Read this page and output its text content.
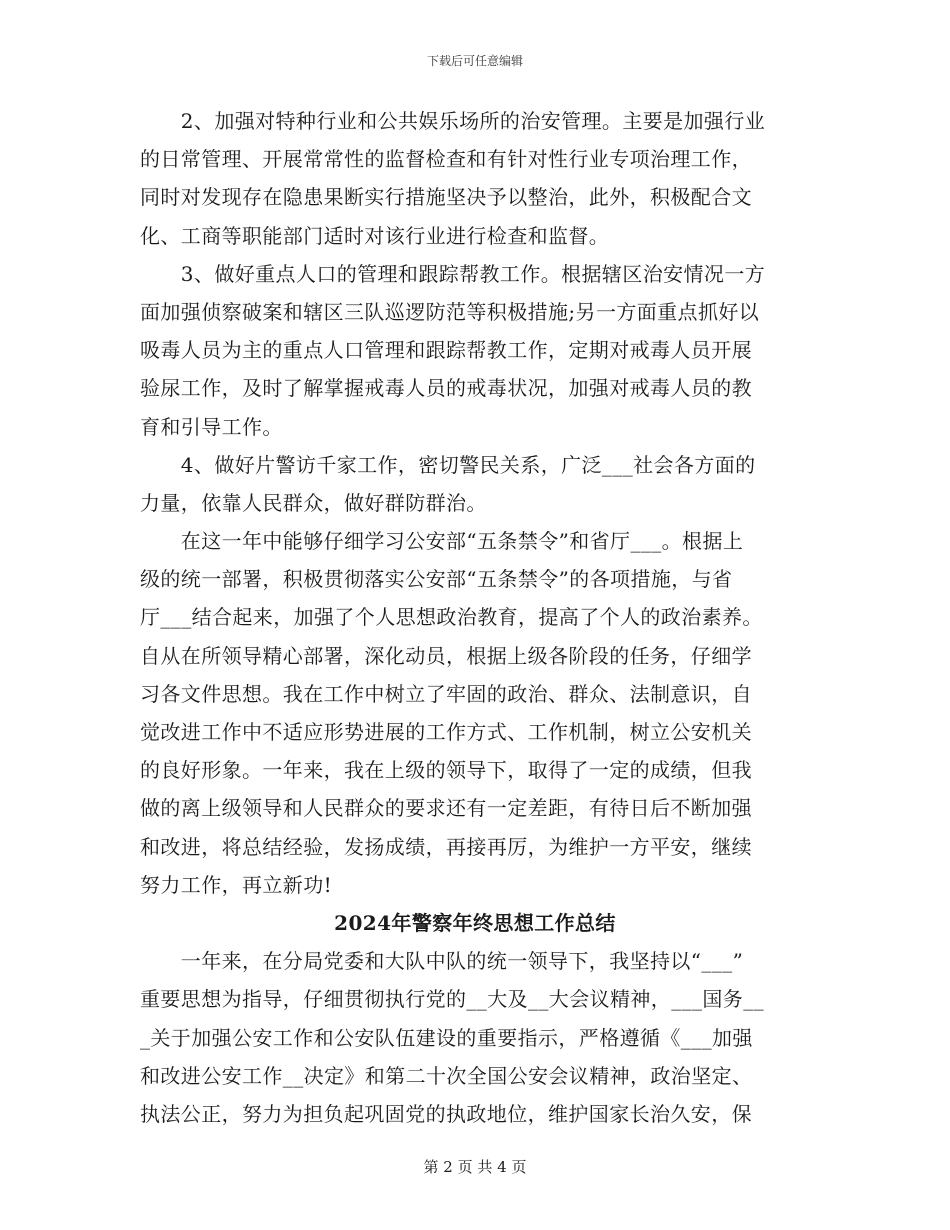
下载后可任意编辑
　　2、加强对特种行业和公共娱乐场所的治安管理。主要是加强行业
的日常管理、开展常常性的监督检查和有针对性行业专项治理工作，
同时对发现存在隐患果断实行措施坚决予以整治，此外，积极配合文
化、工商等职能部门适时对该行业进行检查和监督。
　　3、做好重点人口的管理和跟踪帮教工作。根据辖区治安情况一方
面加强侦察破案和辖区三队巡逻防范等积极措施;另一方面重点抓好以
吸毒人员为主的重点人口管理和跟踪帮教工作，定期对戒毒人员开展
验尿工作，及时了解掌握戒毒人员的戒毒状况，加强对戒毒人员的教
育和引导工作。
　　4、做好片警访千家工作，密切警民关系，广泛___社会各方面的
力量，依靠人民群众，做好群防群治。
　　在这一年中能够仔细学习公安部“五条禁令”和省厅___。根据上
级的统一部署，积极贯彻落实公安部“五条禁令”的各项措施，与省
厅___结合起来，加强了个人思想政治教育，提高了个人的政治素养。
自从在所领导精心部署，深化动员，根据上级各阶段的任务，仔细学
习各文件思想。我在工作中树立了牢固的政治、群众、法制意识，自
觉改进工作中不适应形势进展的工作方式、工作机制，树立公安机关
的良好形象。一年来，我在上级的领导下，取得了一定的成绩，但我
做的离上级领导和人民群众的要求还有一定差距，有待日后不断加强
和改进，将总结经验，发扬成绩，再接再厉，为维护一方平安，继续
努力工作，再立新功!
2024年警察年终思想工作总结
　　一年来，在分局党委和大队中队的统一领导下，我坚持以“___”
重要思想为指导，仔细贯彻执行党的__大及__大会议精神，___国务__
_关于加强公安工作和公安队伍建设的重要指示，严格遵循《___加强
和改进公安工作__决定》和第二十次全国公安会议精神，政治坚定、
执法公正，努力为担负起巩固党的执政地位，维护国家长治久安，保
第 2 页 共 4 页
